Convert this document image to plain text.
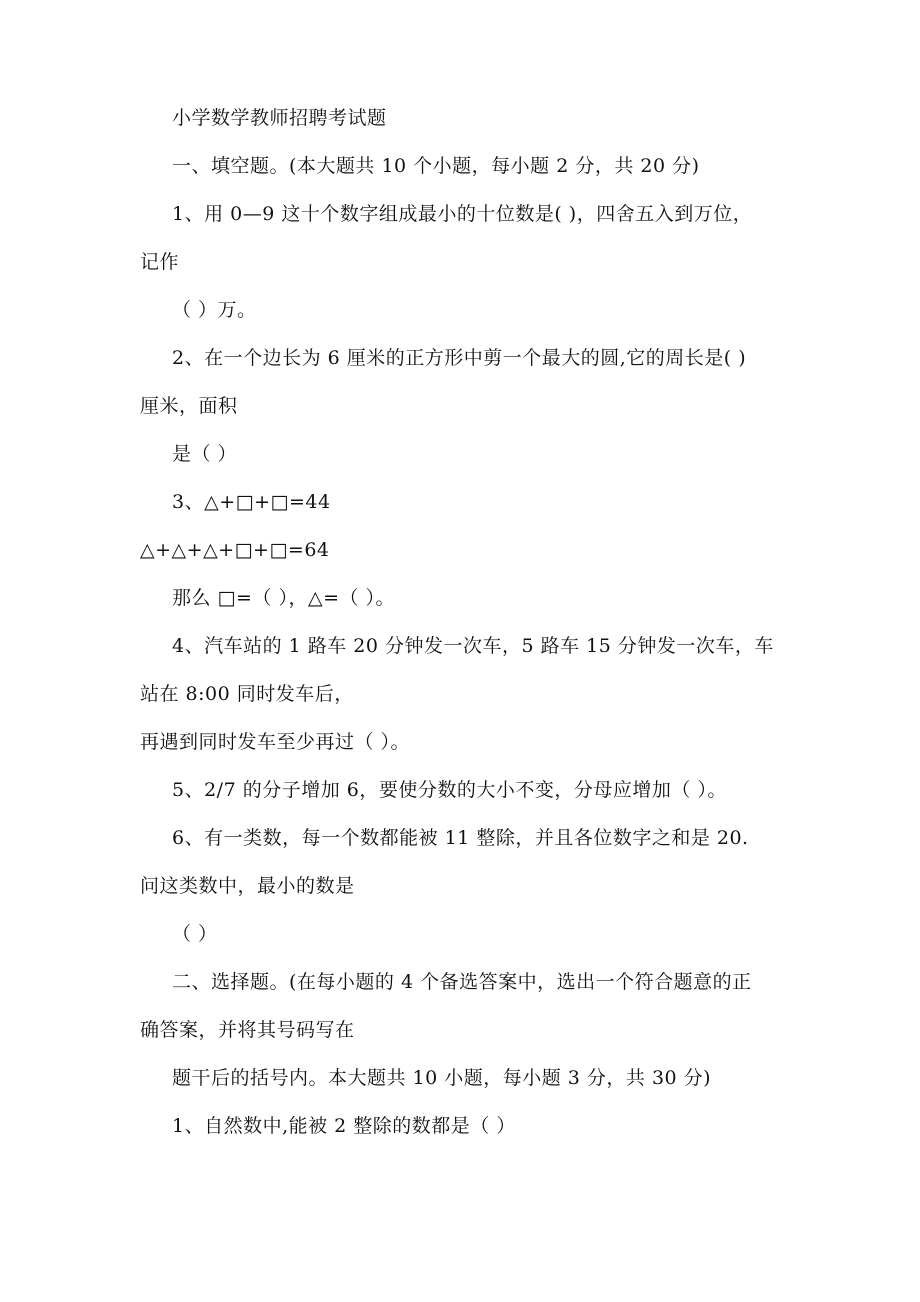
小学数学教师招聘考试题
一、填空题。(本大题共 10 个小题，每小题 2 分，共 20 分)
1、用 0—9 这十个数字组成最小的十位数是( )，四舍五入到万位，
记作
（ ）万。
2、在一个边长为 6 厘米的正方形中剪一个最大的圆,它的周长是( )
厘米，面积
是（ ）
3、△+□+□=44
△+△+△+□+□=64
那么 □=（ ），△=（ ）。
4、汽车站的 1 路车 20 分钟发一次车，5 路车 15 分钟发一次车，车
站在 8:00 同时发车后，
再遇到同时发车至少再过（ ）。
5、2/7 的分子增加 6，要使分数的大小不变，分母应增加（ ）。
6、有一类数，每一个数都能被 11 整除，并且各位数字之和是 20.
问这类数中，最小的数是
（ ）
二、选择题。(在每小题的 4 个备选答案中，选出一个符合题意的正
确答案，并将其号码写在
题干后的括号内。本大题共 10 小题，每小题 3 分，共 30 分)
1、自然数中,能被 2 整除的数都是（ ）
